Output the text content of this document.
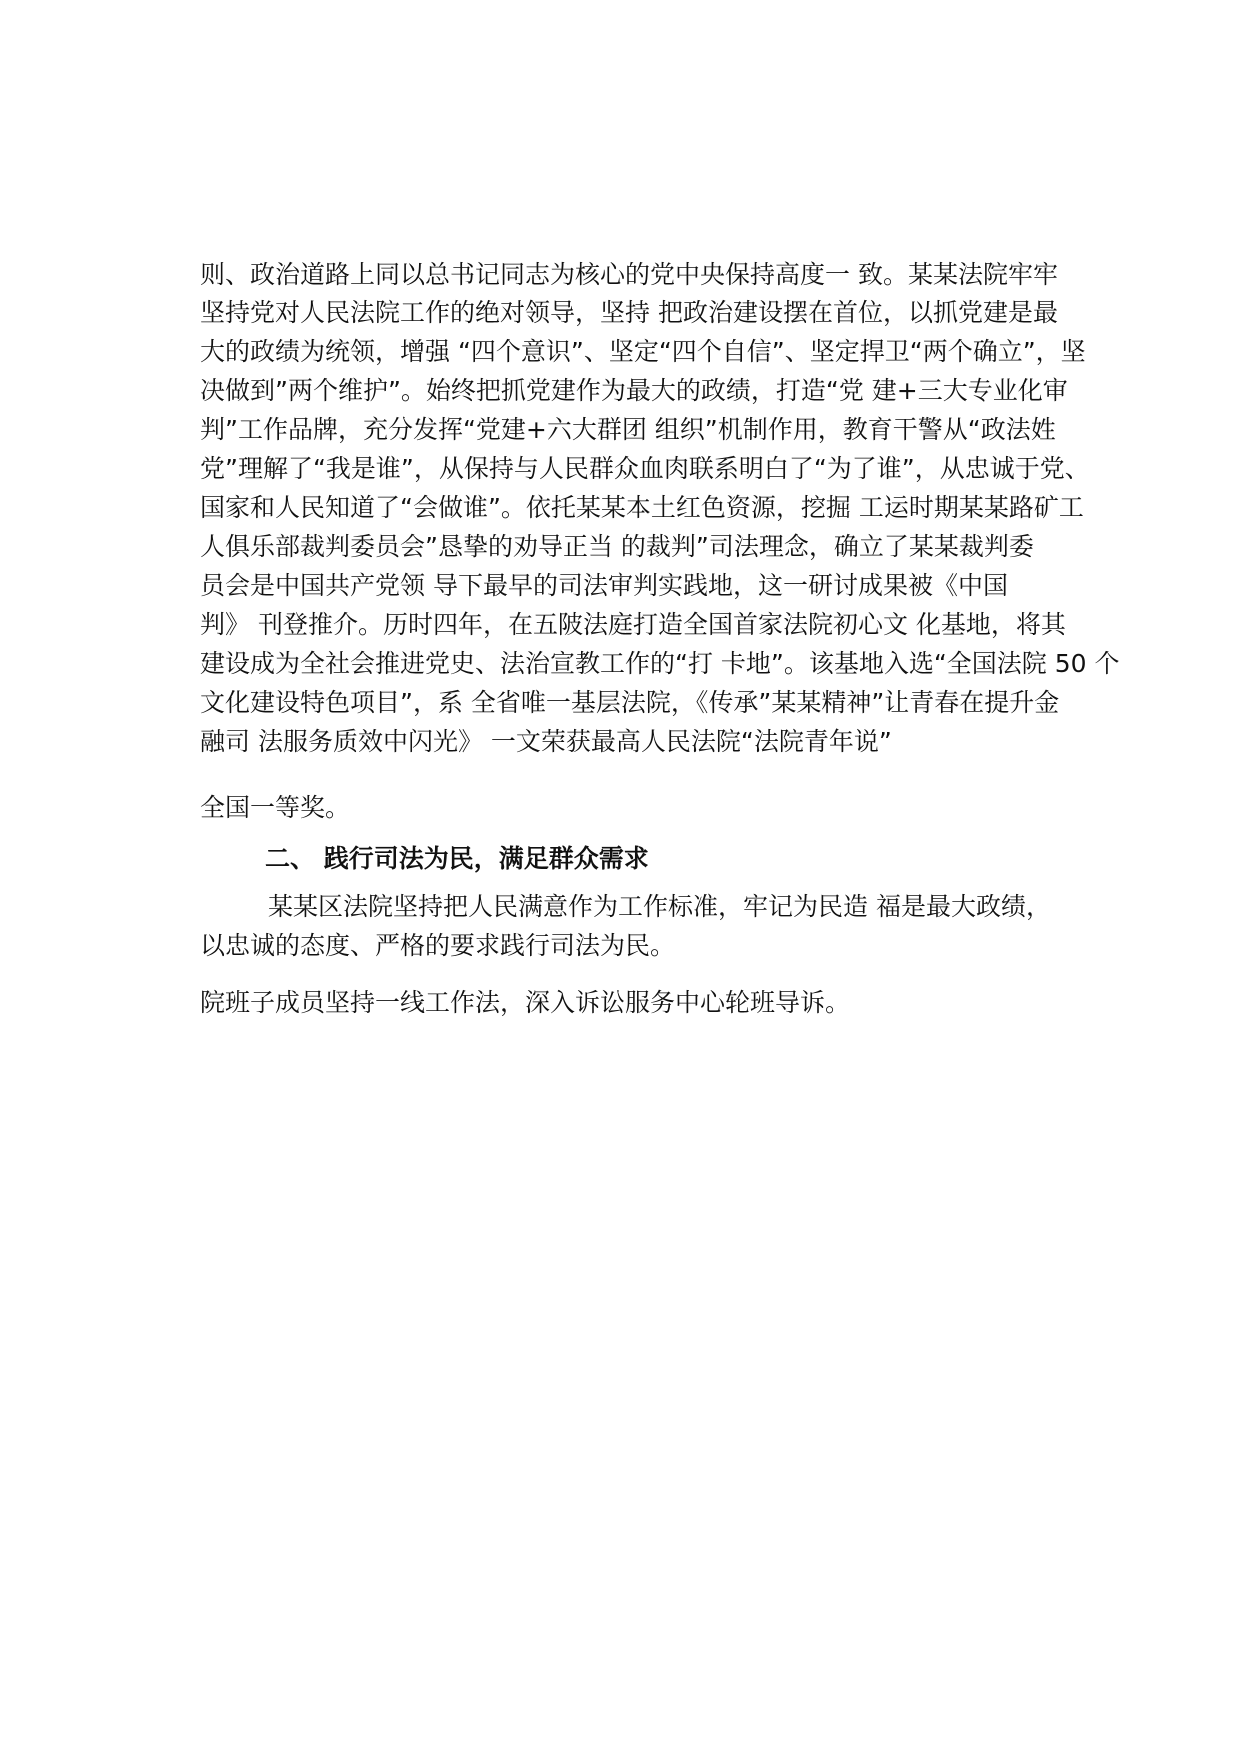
则、政治道路上同以总书记同志为核心的党中央保持高度一 致。某某法院牢牢
坚持党对人民法院工作的绝对领导，坚持 把政治建设摆在首位，以抓党建是最
大的政绩为统领，增强 “四个意识”、坚定“四个自信”、坚定捍卫“两个确立”，坚
决做到”两个维护”。始终把抓党建作为最大的政绩，打造“党 建+三大专业化审
判”工作品牌，充分发挥“党建+六大群团 组织”机制作用，教育干警从“政法姓
党”理解了“我是谁”，从保持与人民群众血肉联系明白了“为了谁”，从忠诚于党、
国家和人民知道了“会做谁”。依托某某本土红色资源，挖掘 工运时期某某路矿工
人俱乐部裁判委员会”恳挚的劝导正当 的裁判”司法理念，确立了某某裁判委
员会是中国共产党领 导下最早的司法审判实践地，这一研讨成果被《中国
判》 刊登推介。历时四年，在五陂法庭打造全国首家法院初心文 化基地，将其
建设成为全社会推进党史、法治宣教工作的“打 卡地”。该基地入选“全国法院 50 个
文化建设特色项目”，系 全省唯一基层法院，《传承”某某精神”让青春在提升金
融司 法服务质效中闪光》 一文荣获最高人民法院“法院青年说”
全国一等奖。
二、 践行司法为民，满足群众需求
某某区法院坚持把人民满意作为工作标准，牢记为民造 福是最大政绩，
以忠诚的态度、严格的要求践行司法为民。
院班子成员坚持一线工作法，深入诉讼服务中心轮班导诉。
